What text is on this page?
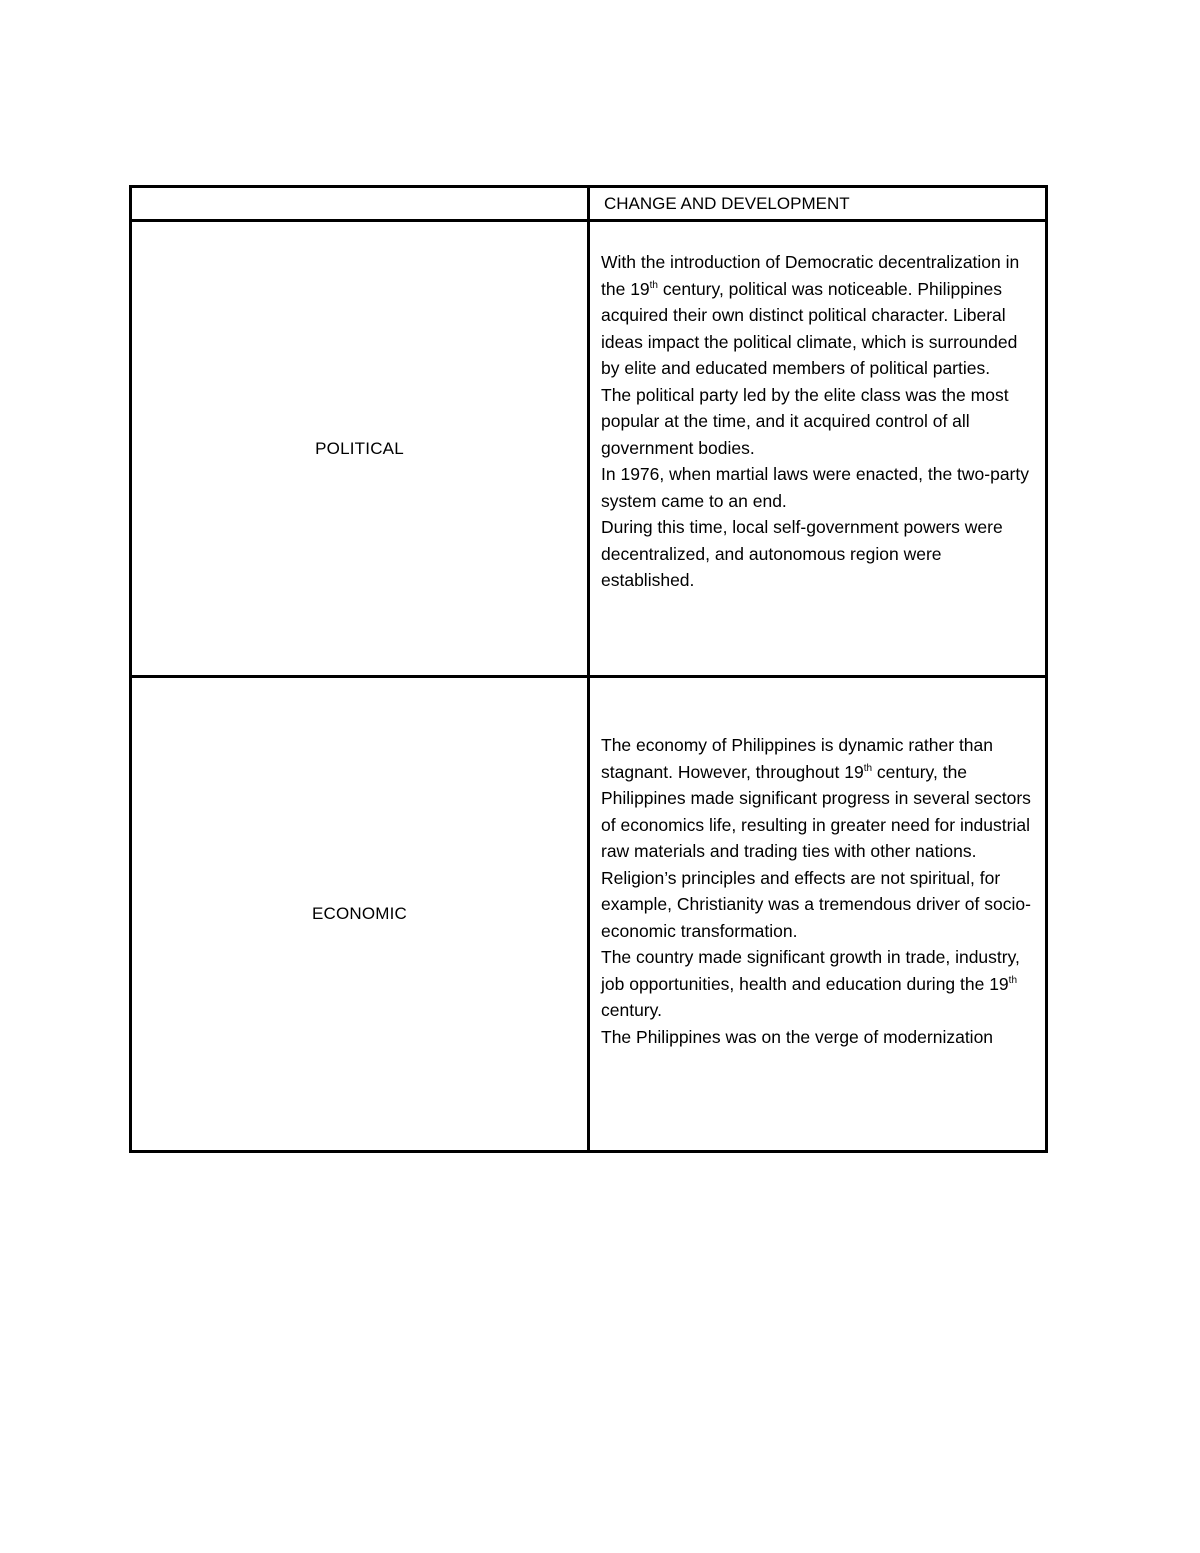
	CHANGE AND DEVELOPMENT
POLITICAL	With the introduction of Democratic decentralization in the 19th century, political was noticeable. Philippines acquired their own distinct political character. Liberal ideas impact the political climate, which is surrounded by elite and educated members of political parties.
The political party led by the elite class was the most popular at the time, and it acquired control of all government bodies.
In 1976, when martial laws were enacted, the two-party system came to an end.
During this time, local self-government powers were decentralized, and autonomous region were established.

ECONOMIC	The economy of Philippines is dynamic rather than stagnant. However, throughout 19th century, the Philippines made significant progress in several sectors of economics life, resulting in greater need for industrial raw materials and trading ties with other nations.
Religion’s principles and effects are not spiritual, for example, Christianity was a tremendous driver of socio-economic transformation.
The country made significant growth in trade, industry, job opportunities, health and education during the 19th century.
The Philippines was on the verge of modernization
